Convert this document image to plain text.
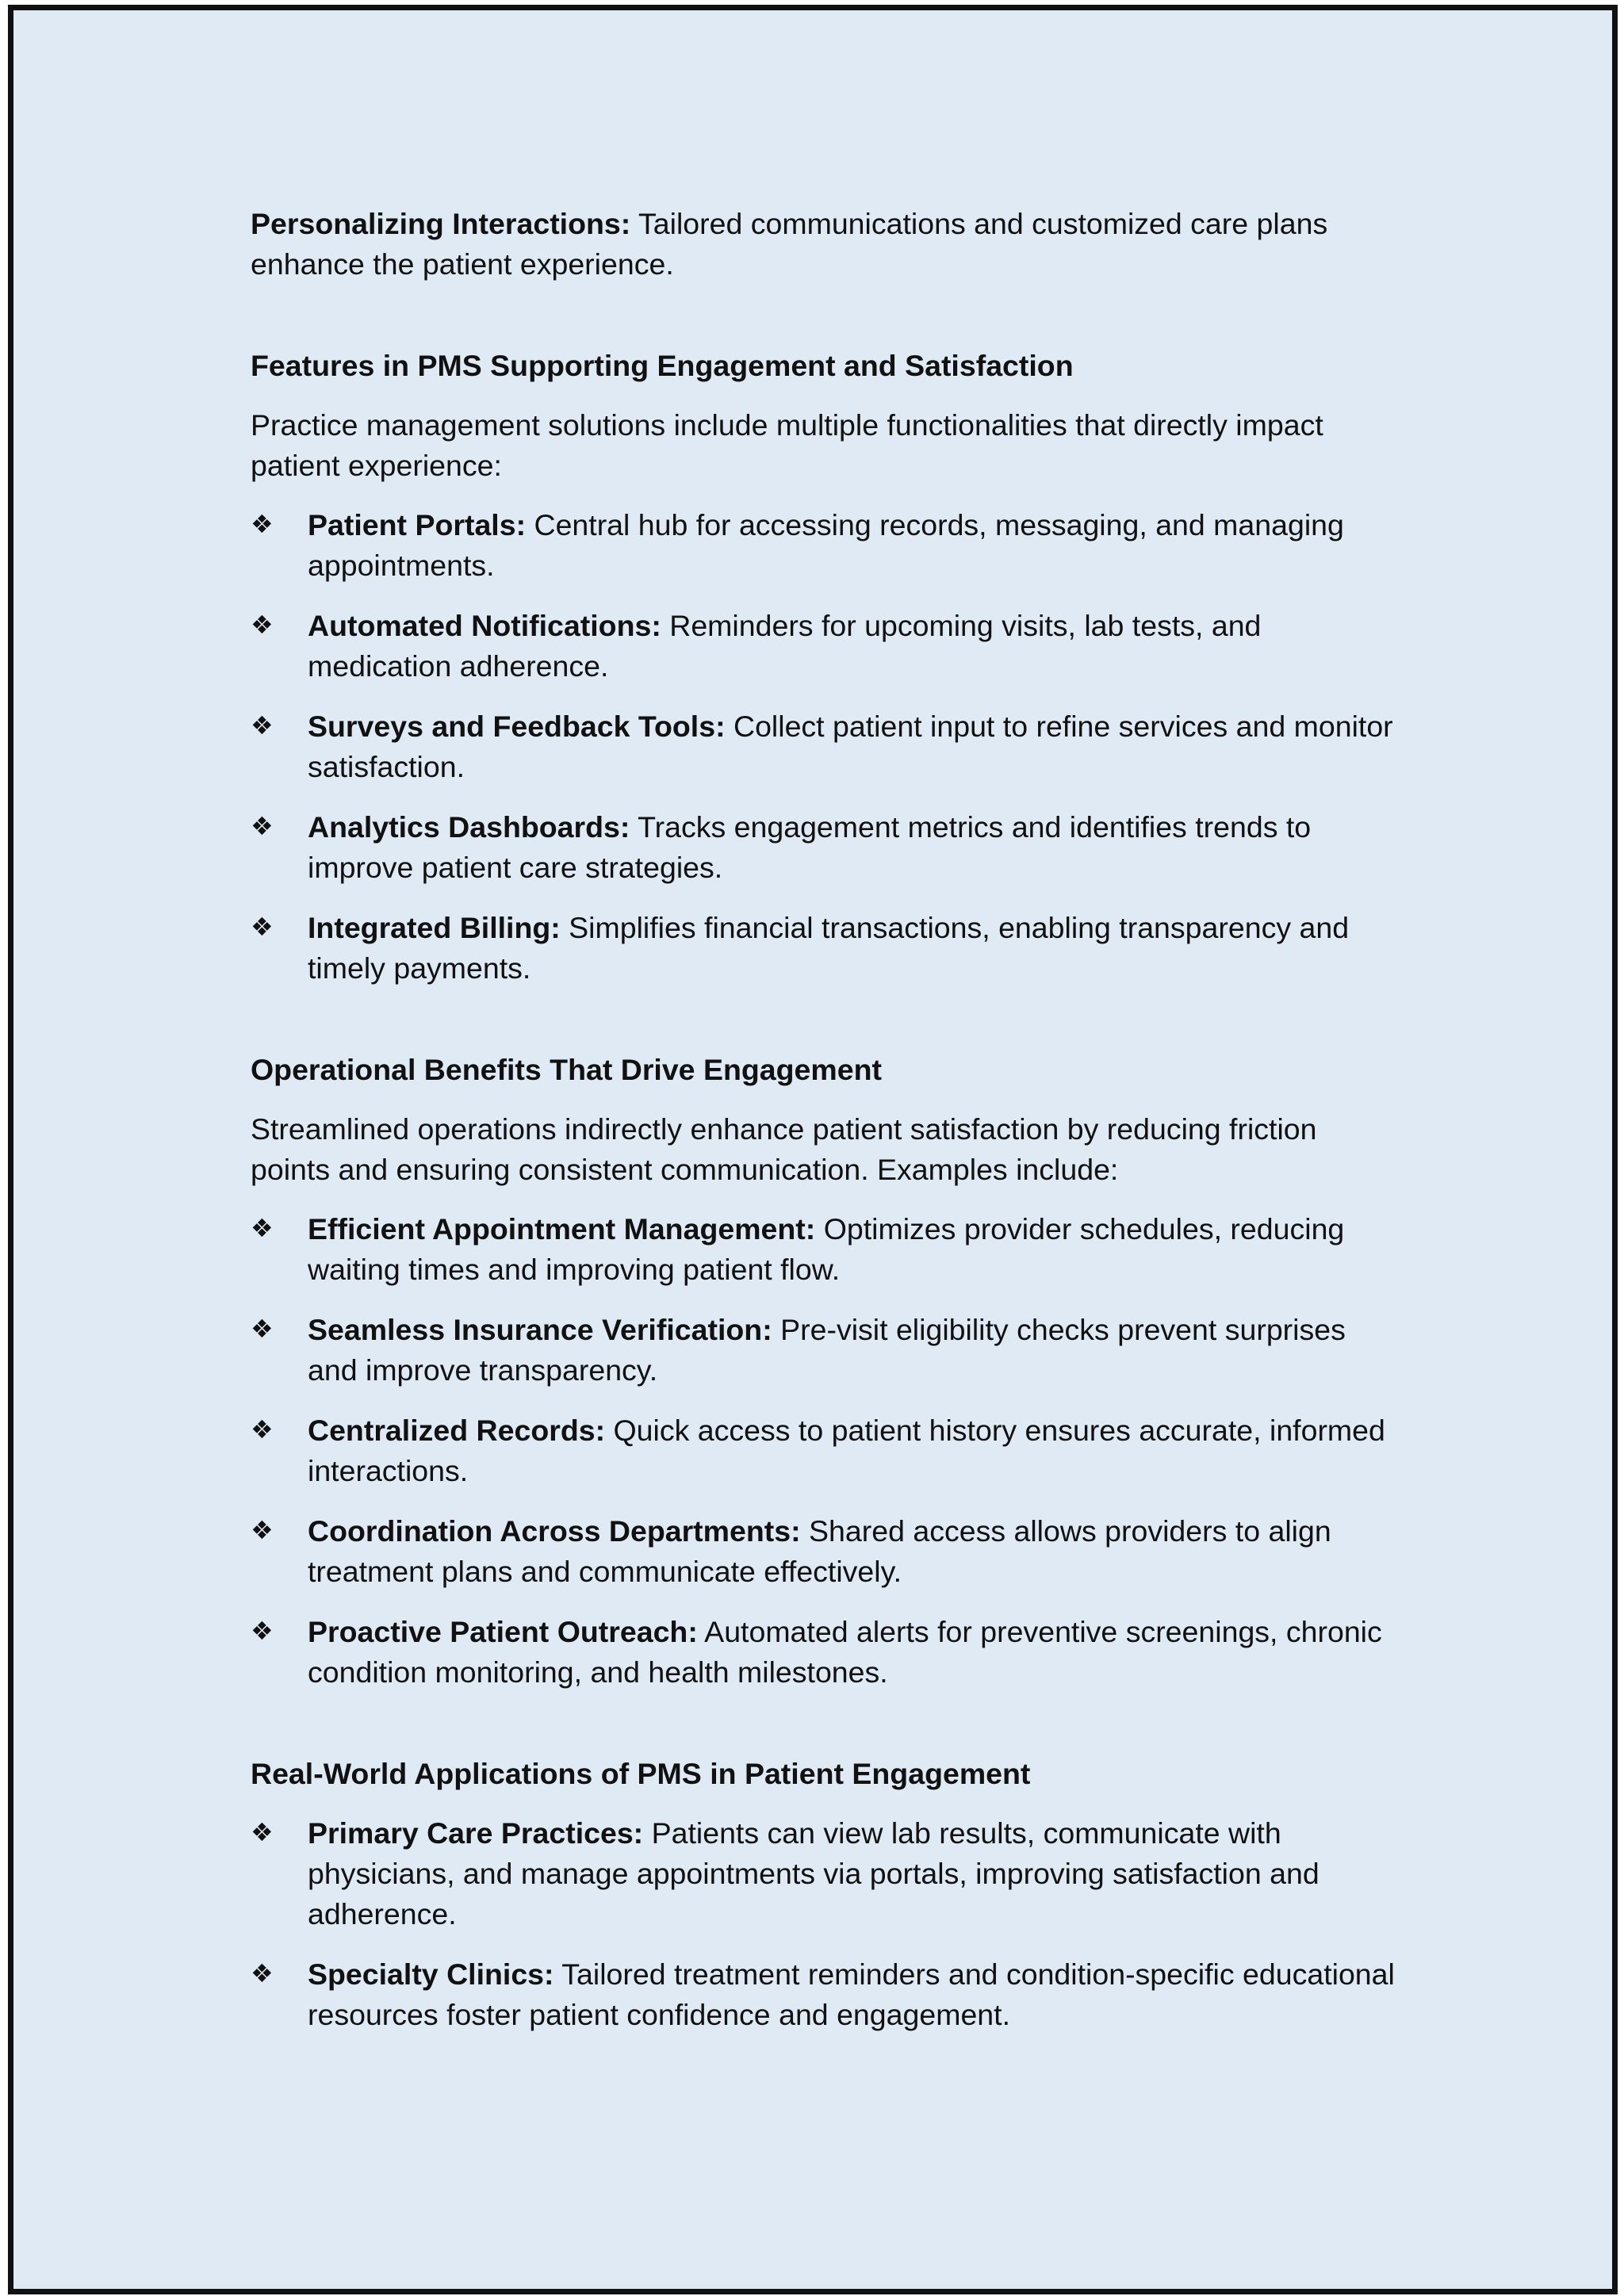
Personalizing Interactions: Tailored communications and customized care plans enhance the patient experience.

Features in PMS Supporting Engagement and Satisfaction

Practice management solutions include multiple functionalities that directly impact patient experience:

❖ Patient Portals: Central hub for accessing records, messaging, and managing appointments.
❖ Automated Notifications: Reminders for upcoming visits, lab tests, and medication adherence.
❖ Surveys and Feedback Tools: Collect patient input to refine services and monitor satisfaction.
❖ Analytics Dashboards: Tracks engagement metrics and identifies trends to improve patient care strategies.
❖ Integrated Billing: Simplifies financial transactions, enabling transparency and timely payments.
Operational Benefits That Drive Engagement

Streamlined operations indirectly enhance patient satisfaction by reducing friction points and ensuring consistent communication. Examples include:

❖ Efficient Appointment Management: Optimizes provider schedules, reducing waiting times and improving patient flow.
❖ Seamless Insurance Verification: Pre-visit eligibility checks prevent surprises and improve transparency.
❖ Centralized Records: Quick access to patient history ensures accurate, informed interactions.
❖ Coordination Across Departments: Shared access allows providers to align treatment plans and communicate effectively.
❖ Proactive Patient Outreach: Automated alerts for preventive screenings, chronic condition monitoring, and health milestones.
Real-World Applications of PMS in Patient Engagement
❖ Primary Care Practices: Patients can view lab results, communicate with physicians, and manage appointments via portals, improving satisfaction and adherence.
❖ Specialty Clinics: Tailored treatment reminders and condition-specific educational resources foster patient confidence and engagement.
